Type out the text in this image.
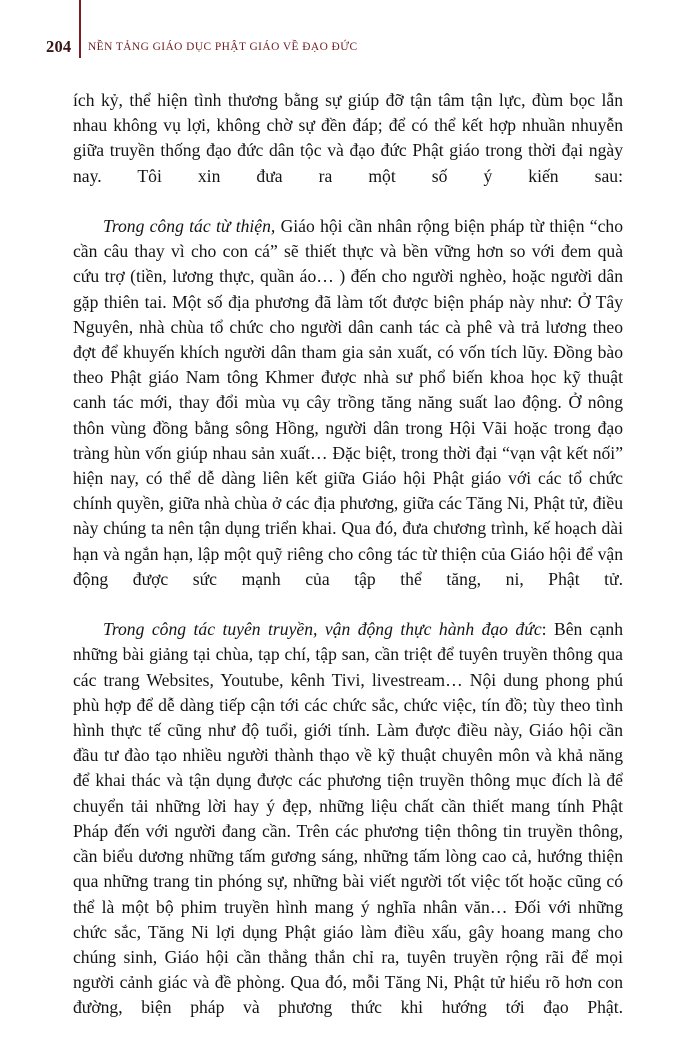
204 NỀN TẢNG GIÁO DỤC PHẬT GIÁO VỀ ĐẠO ĐỨC

ích kỷ, thể hiện tình thương bằng sự giúp đỡ tận tâm tận lực, đùm bọc lẫn nhau không vụ lợi, không chờ sự đền đáp; để có thể kết hợp nhuần nhuyễn giữa truyền thống đạo đức dân tộc và đạo đức Phật giáo trong thời đại ngày nay. Tôi xin đưa ra một số ý kiến sau:

Trong công tác từ thiện, Giáo hội cần nhân rộng biện pháp từ thiện “cho cần câu thay vì cho con cá” sẽ thiết thực và bền vững hơn so với đem quà cứu trợ (tiền, lương thực, quần áo… ) đến cho người nghèo, hoặc người dân gặp thiên tai. Một số địa phương đã làm tốt được biện pháp này như: Ở Tây Nguyên, nhà chùa tổ chức cho người dân canh tác cà phê và trả lương theo đợt để khuyến khích người dân tham gia sản xuất, có vốn tích lũy. Đồng bào theo Phật giáo Nam tông Khmer được nhà sư phổ biến khoa học kỹ thuật canh tác mới, thay đổi mùa vụ cây trồng tăng năng suất lao động. Ở nông thôn vùng đồng bằng sông Hồng, người dân trong Hội Vãi hoặc trong đạo tràng hùn vốn giúp nhau sản xuất… Đặc biệt, trong thời đại “vạn vật kết nối” hiện nay, có thể dễ dàng liên kết giữa Giáo hội Phật giáo với các tổ chức chính quyền, giữa nhà chùa ở các địa phương, giữa các Tăng Ni, Phật tử, điều này chúng ta nên tận dụng triển khai. Qua đó, đưa chương trình, kế hoạch dài hạn và ngắn hạn, lập một quỹ riêng cho công tác từ thiện của Giáo hội để vận động được sức mạnh của tập thể tăng, ni, Phật tử.

Trong công tác tuyên truyền, vận động thực hành đạo đức: Bên cạnh những bài giảng tại chùa, tạp chí, tập san, cần triệt để tuyên truyền thông qua các trang Websites, Youtube, kênh Tivi, livestream… Nội dung phong phú phù hợp để dễ dàng tiếp cận tới các chức sắc, chức việc, tín đồ; tùy theo tình hình thực tế cũng như độ tuổi, giới tính. Làm được điều này, Giáo hội cần đầu tư đào tạo nhiều người thành thạo về kỹ thuật chuyên môn và khả năng để khai thác và tận dụng được các phương tiện truyền thông mục đích là để chuyển tải những lời hay ý đẹp, những liệu chất cần thiết mang tính Phật Pháp đến với người đang cần. Trên các phương tiện thông tin truyền thông, cần biểu dương những tấm gương sáng, những tấm lòng cao cả, hướng thiện qua những trang tin phóng sự, những bài viết người tốt việc tốt hoặc cũng có thể là một bộ phim truyền hình mang ý nghĩa nhân văn… Đối với những chức sắc, Tăng Ni lợi dụng Phật giáo làm điều xấu, gây hoang mang cho chúng sinh, Giáo hội cần thẳng thắn chỉ ra, tuyên truyền rộng rãi để mọi người cảnh giác và đề phòng. Qua đó, mỗi Tăng Ni, Phật tử hiểu rõ hơn con đường, biện pháp và phương thức khi hướng tới đạo Phật.
